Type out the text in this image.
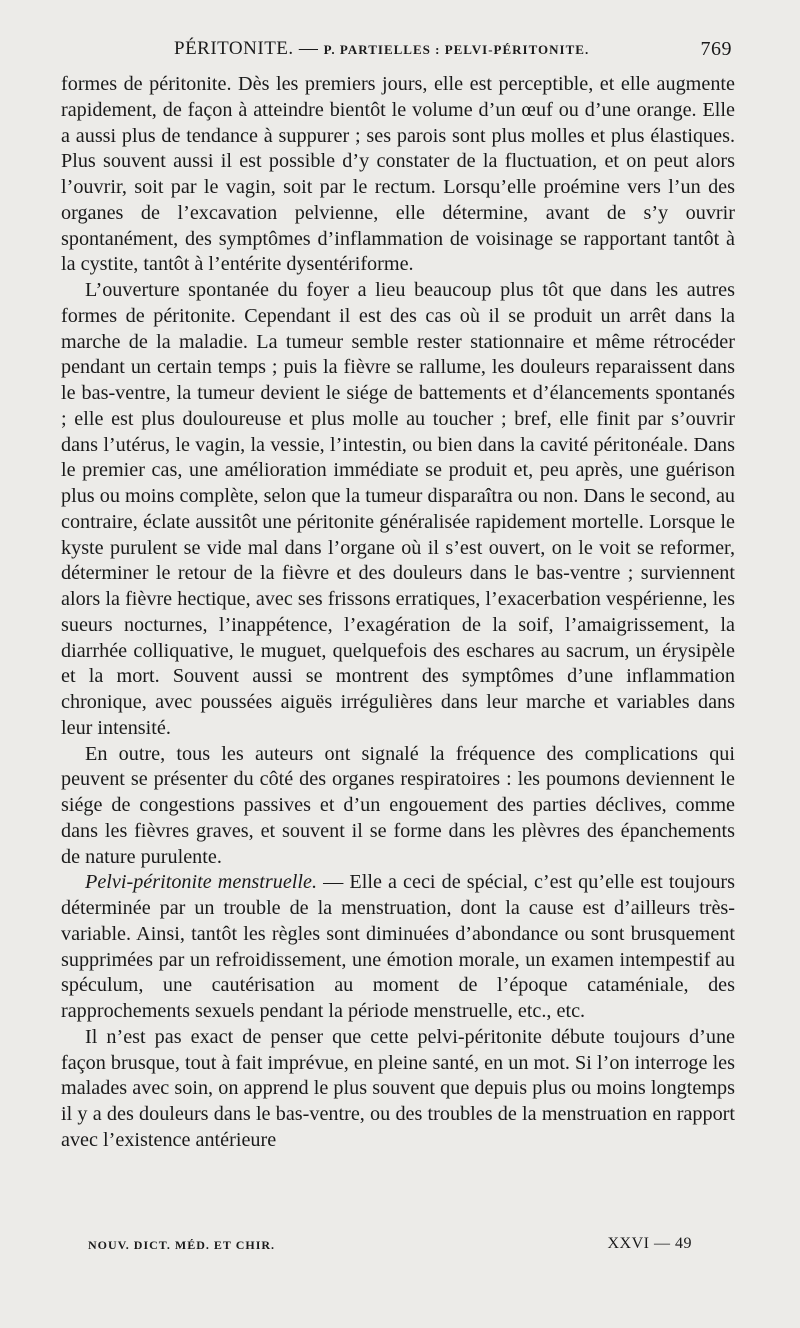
PÉRITONITE. — P. PARTIELLES : PELVI-PÉRITONITE.	769

formes de péritonite. Dès les premiers jours, elle est perceptible, et elle augmente rapidement, de façon à atteindre bientôt le volume d’un œuf ou d’une orange. Elle a aussi plus de tendance à suppurer ; ses parois sont plus molles et plus élastiques. Plus souvent aussi il est possible d’y constater de la fluctuation, et on peut alors l’ouvrir, soit par le vagin, soit par le rectum. Lorsqu’elle proémine vers l’un des organes de l’excavation pelvienne, elle détermine, avant de s’y ouvrir spontanément, des symptômes d’inflammation de voisinage se rapportant tantôt à la cystite, tantôt à l’entérite dysentériforme.

L’ouverture spontanée du foyer a lieu beaucoup plus tôt que dans les autres formes de péritonite. Cependant il est des cas où il se produit un arrêt dans la marche de la maladie. La tumeur semble rester stationnaire et même rétrocéder pendant un certain temps ; puis la fièvre se rallume, les douleurs reparaissent dans le bas-ventre, la tumeur devient le siége de battements et d’élancements spontanés ; elle est plus douloureuse et plus molle au toucher ; bref, elle finit par s’ouvrir dans l’utérus, le vagin, la vessie, l’intestin, ou bien dans la cavité péritonéale. Dans le premier cas, une amélioration immédiate se produit et, peu après, une guérison plus ou moins complète, selon que la tumeur disparaîtra ou non. Dans le second, au contraire, éclate aussitôt une péritonite généralisée rapidement mortelle. Lorsque le kyste purulent se vide mal dans l’organe où il s’est ouvert, on le voit se reformer, déterminer le retour de la fièvre et des douleurs dans le bas-ventre ; surviennent alors la fièvre hectique, avec ses frissons erratiques, l’exacerbation vespérienne, les sueurs nocturnes, l’inappétence, l’exagération de la soif, l’amaigrissement, la diarrhée colliquative, le muguet, quelquefois des eschares au sacrum, un érysipèle et la mort. Souvent aussi se montrent des symptômes d’une inflammation chronique, avec poussées aiguës irrégulières dans leur marche et variables dans leur intensité.

En outre, tous les auteurs ont signalé la fréquence des complications qui peuvent se présenter du côté des organes respiratoires : les poumons deviennent le siége de congestions passives et d’un engouement des parties déclives, comme dans les fièvres graves, et souvent il se forme dans les plèvres des épanchements de nature purulente.

Pelvi-péritonite menstruelle. — Elle a ceci de spécial, c’est qu’elle est toujours déterminée par un trouble de la menstruation, dont la cause est d’ailleurs très-variable. Ainsi, tantôt les règles sont diminuées d’abondance ou sont brusquement supprimées par un refroidissement, une émotion morale, un examen intempestif au spéculum, une cautérisation au moment de l’époque cataméniale, des rapprochements sexuels pendant la période menstruelle, etc., etc.

Il n’est pas exact de penser que cette pelvi-péritonite débute toujours d’une façon brusque, tout à fait imprévue, en pleine santé, en un mot. Si l’on interroge les malades avec soin, on apprend le plus souvent que depuis plus ou moins longtemps il y a des douleurs dans le bas-ventre, ou des troubles de la menstruation en rapport avec l’existence antérieure

NOUV. DICT. MÉD. ET CHIR.	XXVI — 49
